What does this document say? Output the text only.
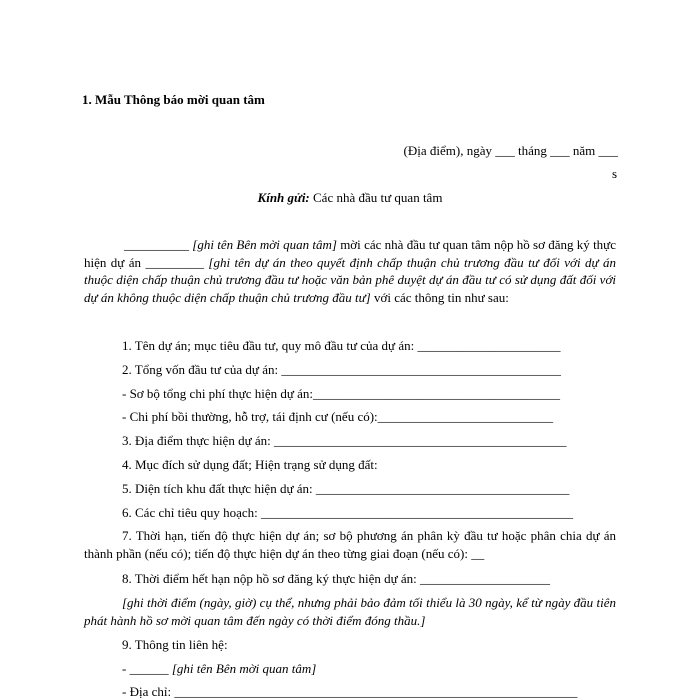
1. Mẫu Thông báo mời quan tâm
(Địa điểm), ngày ___ tháng ___ năm ___
s
Kính gửi: Các nhà đầu tư quan tâm
__________ [ghi tên Bên mời quan tâm] mời các nhà đầu tư quan tâm nộp hồ sơ đăng ký thực hiện dự án _________ [ghi tên dự án theo quyết định chấp thuận chủ trương đầu tư đối với dự án thuộc diện chấp thuận chủ trương đầu tư hoặc văn bản phê duyệt dự án đầu tư có sử dụng đất đối với dự án không thuộc diện chấp thuận chủ trương đầu tư] với các thông tin như sau:
1. Tên dự án; mục tiêu đầu tư, quy mô đầu tư của dự án: ______________________
2. Tổng vốn đầu tư của dự án: ___________________________________________
- Sơ bộ tổng chi phí thực hiện dự án:______________________________________
- Chi phí bồi thường, hỗ trợ, tái định cư (nếu có):___________________________
3. Địa điểm thực hiện dự án: _____________________________________________
4. Mục đích sử dụng đất; Hiện trạng sử dụng đất:
5. Diện tích khu đất thực hiện dự án: _______________________________________
6. Các chỉ tiêu quy hoạch: ________________________________________________
7. Thời hạn, tiến độ thực hiện dự án; sơ bộ phương án phân kỳ đầu tư hoặc phân chia dự án thành phần (nếu có); tiến độ thực hiện dự án theo từng giai đoạn (nếu có): __
8. Thời điểm hết hạn nộp hồ sơ đăng ký thực hiện dự án: ____________________
[ghi thời điểm (ngày, giờ) cụ thể, nhưng phải bảo đảm tối thiểu là 30 ngày, kể từ ngày đầu tiên phát hành hồ sơ mời quan tâm đến ngày có thời điểm đóng thầu.]
9. Thông tin liên hệ:
- ______ [ghi tên Bên mời quan tâm]
- Địa chỉ: ______________________________________________________________
